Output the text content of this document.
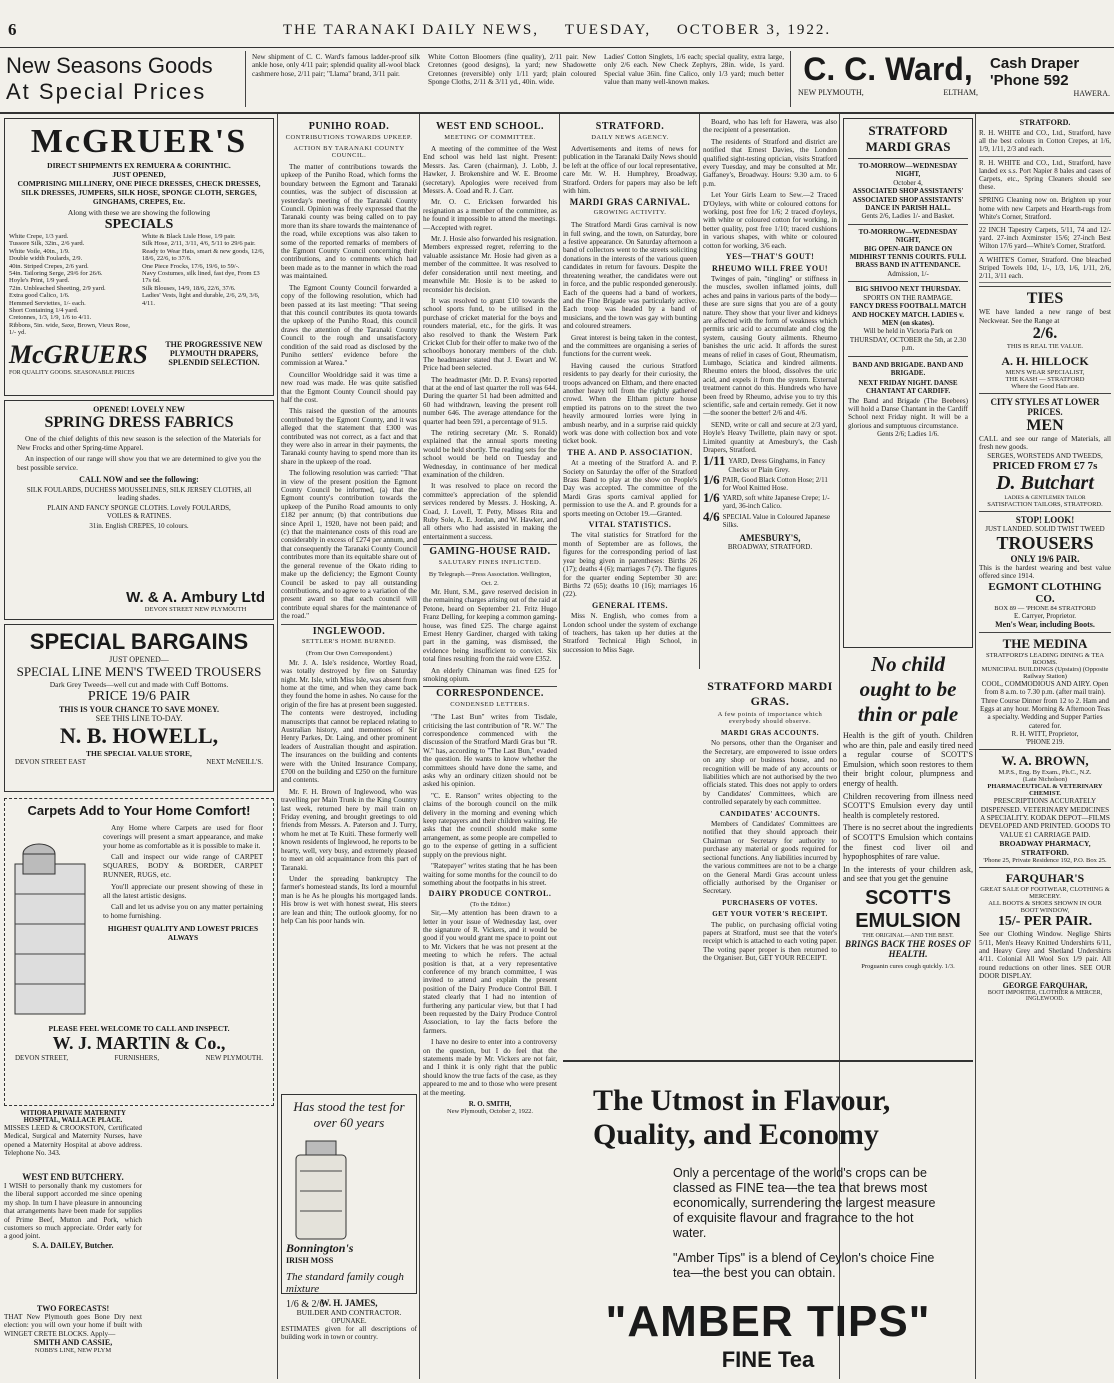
6	THE TARANAKI DAILY NEWS, TUESDAY, OCTOBER 3, 1922.
New Seasons Goods
At Special Prices
New shipment of C. C. Ward's famous ladder-proof silk ankle hose, only 4/11 pair; splendid quality all-wool black cashmere hose, 2/11 pair; "Llama" brand, 3/11 pair.
White Cotton Bloomers (fine quality), 2/11 pair. New Cretonnes (good designs), la yard; new Shadowette Cretonnes (reversible) only 1/11 yard; plain coloured Sponge Cloths, 2/11 & 3/11 yd., 40in. wide.
Ladies' Cotton Singlets, 1/6 each; special quality, extra large, only 2/6 each. New Check Zephyrs, 28in. wide, 1s yard. Special value 36in. fine Calico, only 1/3 yard; much better value than many well-known makes.	C. C. Ward,
NEW PLYMOUTH,	ELTHAM,
Cash Draper
'Phone 592
HAWERA.
McGRUER'S
DIRECT SHIPMENTS EX REMUERA & CORINTHIC.
JUST OPENED,
COMPRISING MILLINERY, ONE PIECE DRESSES, CHECK DRESSES, SILK DRESSES, JUMPERS, SILK HOSE, SPONGE CLOTH, SERGES, GINGHAMS, CREPES, Etc.
Along with these we are showing the following
SPECIALS
White Crepe, 1/3 yard.
Tussore Silk, 32in., 2/6 yard.
White Voile, 40in., 1/9.
Double width Foulards, 2/9.
40in. Striped Crepes, 2/6 yard.
54in. Tailoring Serge, 29/6 for 26/6.
Hoyle's Print, 1/9 yard.
72in. Unbleached Sheeting, 2/9 yard.
Extra good Calico, 1/6.
Hemmed Serviettes, 1/- each.
Short Containing 1/4 yard.
Cretonnes, 1/3, 1/9, 1/6 to 4/11.
Ribbons, 5in. wide, Saxe, Brown, Vieux Rose, 1/- yd.
White & Black Lisle Hose, 1/9 pair.
Silk Hose, 2/11, 3/11, 4/6, 5/11 to 29/6 pair.
Ready to Wear Hats, smart & new goods, 12/6, 18/6, 22/6, to 37/6.
One Piece Frocks, 17/6, 19/6, to 59/-.
Navy Costumes, silk lined, fast dye, From £3 17s 6d.
Silk Blouses, 14/9, 18/6, 22/6, 37/6.
Ladies' Vests, light and durable, 2/6, 2/9, 3/6, 4/11.
McGRUERS
FOR QUALITY GOODS. SEASONABLE PRICES
THE PROGRESSIVE NEW PLYMOUTH DRAPERS, SPLENDID SELECTION.
OPENED! LOVELY NEW
SPRING DRESS FABRICS

One of the chief delights of this new season is the selection of the Materials for New Frocks and other Spring-time Apparel.

An inspection of our range will show you that we are determined to give you the best possible service.

CALL NOW and see the following:
SILK FOULARDS, DUCHESS MOUSSELINES, SILK JERSEY CLOTHS, all leading shades.
PLAIN AND FANCY SPONGE CLOTHS. Lovely FOULARDS, VOILES & RATINES.
31in. English CREPES, 10 colours.
W. & A. Ambury Ltd
DEVON STREET NEW PLYMOUTH
SPECIAL BARGAINS
JUST OPENED—
SPECIAL LINE MEN'S TWEED TROUSERS
Dark Grey Tweeds—well cut and made with Cuff Bottoms.
PRICE 19/6 PAIR
THIS IS YOUR CHANCE TO SAVE MONEY.
SEE THIS LINE TO-DAY.
N. B. HOWELL,
THE SPECIAL VALUE STORE,
DEVON STREET EAST	NEXT McNEILL'S.
Carpets Add to Your Home Comfort!

Any Home where Carpets are used for floor coverings will present a smart appearance, and make your home as comfortable as it is possible to make it.

Call and inspect our wide range of CARPET SQUARES, BODY & BORDER, CARPET RUNNER, RUGS, etc.

You'll appreciate our present showing of these in all the latest artistic designs.

Call and let us advise you on any matter pertaining to home furnishing.

HIGHEST QUALITY AND LOWEST PRICES ALWAYS
PLEASE FEEL WELCOME TO CALL AND INSPECT.
W. J. MARTIN & Co.,
DEVON STREET,	FURNISHERS,	NEW PLYMOUTH.
WITIORA PRIVATE MATERNITY HOSPITAL, WALLACE PLACE.
MISSES LEED & CROOKSTON, Certificated Medical, Surgical and Maternity Nurses, have opened a Maternity Hospital at above address. Telephone No. 343.
WEST END BUTCHERY.
I WISH to personally thank my customers for the liberal support accorded me since opening my shop. In turn I have pleasure in announcing that arrangements have been made for supplies of Prime Beef, Mutton and Pork, which customers so much appreciate. Order early for a good joint.
S. A. DAILEY, Butcher.
TWO FORECASTS!
THAT New Plymouth goes Bone Dry next election: you will own your home if built with WINGET CRETE BLOCKS. Apply—
SMITH AND CASSIE,
NOBB'S LINE, NEW PLYM
PUNIHO ROAD.
CONTRIBUTIONS TOWARDS UPKEEP.
ACTION BY TARANAKI COUNTY COUNCIL.

The matter of contributions towards the upkeep of the Puniho Road, which forms the boundary between the Egmont and Taranaki counties, was the subject of discussion at yesterday's meeting of the Taranaki County Council. Opinion was freely expressed that the Taranaki county was being called on to pay more than its share towards the maintenance of the road, while exceptions was also taken to some of the reported remarks of members of the Egmont County Council concerning their contributions, and to comments which had been made as to the manner in which the road was maintained.

The Egmont County Council forwarded a copy of the following resolution, which had been passed at its last meeting: "That seeing that this council contributes its quota towards the upkeep of the Puniho Road, this council draws the attention of the Taranaki County Council to the rough and unsatisfactory condition of the said road as disclosed by the Puniho settlers' evidence before the commission at Warea."

Councillor Wooldridge said it was time a new road was made. He was quite satisfied that the Egmont County Council should pay half the cost.

This raised the question of the amounts contributed by the Egmont County, and it was alleged that the statement that £300 was contributed was not correct, as a fact and that they were also in arrear in their payments, the Taranaki county having to spend more than its share in the upkeep of the road.

The following resolution was carried: "That in view of the present position the Egmont County Council be informed, (a) that the Egmont county's contribution towards the upkeep of the Puniho Road amounts to only £182 per annum; (b) that contributions due since April 1, 1920, have not been paid; and (c) that the maintenance costs of this road are considerably in excess of £274 per annum, and that consequently the Taranaki County Council contributes more than its equitable share out of the general revenue of the Okato riding to make up the deficiency; the Egmont County Council be asked to pay all outstanding contributions, and to agree to a variation of the present award so that each council will contribute equal shares for the maintenance of the road."

INGLEWOOD.
SETTLER'S HOME BURNED.
(From Our Own Correspondent.)

Mr. J. A. Isle's residence, Wortley Road, was totally destroyed by fire on Saturday night. Mr. Isle, with Miss Isle, was absent from home at the time, and when they came back they found the home in ashes. No cause for the origin of the fire has at present been suggested. The contents were destroyed, including manuscripts that cannot be replaced relating to Australian history, and mementoes of Sir Henry Parkes, Dr. Laing, and other prominent leaders of Australian thought and aspiration. The insurances on the building and contents were with the United Insurance Company, £700 on the building and £250 on the furniture and contents.

Mr. F. H. Brown of Inglewood, who was travelling per Main Trunk in the King Country last week, returned here by mail train on Friday evening, and brought greetings to old friends from Messrs. A. Paterson and J. Turry, whom he met at Te Kuiti. These formerly well known residents of Inglewood, he reports to be hearty, well, very busy, and extremely pleased to meet an old acquaintance from this part of Taranaki.

Under the spreading bankruptcy The farmer's homestead stands, Its lord a mournful man is he As he ploughs his mortgaged lands. His brow is wet with honest sweat, His steers are lean and thin; The outlook gloomy, for no help Can his poor hands win.

Has stood the test for over 60 years
Bonnington's
IRISH MOSS
The standard family cough mixture
1/6 & 2/6
W. H. JAMES,
BUILDER AND CONTRACTOR.
OPUNAKE.
ESTIMATES given for all descriptions of building work in town or country.
WEST END SCHOOL.
MEETING OF COMMITTEE.

A meeting of the committee of the West End school was held last night. Present: Messrs. Jas. Caren (chairman), J. Lobb, J. Hawker, J. Brokenshire and W. E. Broome (secretary). Apologies were received from Messrs. A. Coad and R. J. Carr.

Mr. O. C. Ericksen forwarded his resignation as a member of the committee, as he found it impossible to attend the meetings.—Accepted with regret.

Mr. J. Hosie also forwarded his resignation. Members expressed regret, referring to the valuable assistance Mr. Hosie had given as a member of the committee. It was resolved to defer consideration until next meeting, and meanwhile Mr. Hosie is to be asked to reconsider his decision.

It was resolved to grant £10 towards the school sports fund, to be utilised in the purchase of cricket material for the boys and rounders material, etc., for the girls. It was also resolved to thank the Western Park Cricket Club for their offer to make two of the schoolboys honorary members of the club. The headmaster stated that J. Ewart and W. Price had been selected.

The headmaster (Mr. D. P. Evans) reported that at the end of last quarter the roll was 644. During the quarter 51 had been admitted and 60 had withdrawn, leaving the present roll number 646. The average attendance for the quarter had been 591, a percentage of 91.5.

The retiring secretary (Mr. S. Ronald) explained that the annual sports meeting would be held shortly. The reading sets for the school would be held on Tuesday and Wednesday, in continuance of her medical examination of the children.

It was resolved to place on record the committee's appreciation of the splendid services rendered by Messrs. J. Hosking, A. Coad, J. Lovell, T. Petty, Misses Rita and Ruby Sole, A. E. Jordan, and W. Hawker, and all others who had assisted in making the entertainment a success.

GAMING-HOUSE RAID.
SALUTARY FINES INFLICTED.
By Telegraph.—Press Association. Wellington, Oct. 2.

Mr. Hunt, S.M., gave reserved decision in the remaining charges arising out of the raid at Petone, heard on September 21. Fritz Hugo Franz Delling, for keeping a common gaming-house, was fined £25. The charge against Ernest Henry Gardiner, charged with taking part in the gaming, was dismissed, the evidence being insufficient to convict. Six total fines resulting from the raid were £352.

An elderly Chinaman was fined £25 for smoking opium.

CORRESPONDENCE.
CONDENSED LETTERS.

"The Last Bun" writes from Tisdale, criticising the last contribution of "R. W." The correspondence commenced with the discussion of the Stratford Mardi Gras but "R. W." has, according to "The Last Bun," evaded the question. He wants to know whether the committees should have done the same, and asks why an ordinary citizen should not be asked his opinion.

"C. E. Ranson" writes objecting to the claims of the borough council on the milk delivery in the morning and evening which keep ratepayers and their children waiting. He asks that the council should make some arrangement, as some people are compelled to go to the expense of getting in a sufficient supply on the previous night.

"Ratepayer" writes stating that he has been waiting for some months for the council to do something about the footpaths in his street.

DAIRY PRODUCE CONTROL.
(To the Editor.)

Sir,—My attention has been drawn to a letter in your issue of Wednesday last, over the signature of R. Vickers, and it would be good if you would grant me space to point out to Mr. Vickers that he was not present at the meeting to which he refers. The actual position is that, at a very representative conference of my branch committee, I was invited to attend and explain the present position of the Dairy Produce Control Bill. I stated clearly that I had no intention of furthering any particular view, but that I had been requested by the Dairy Produce Control Association, to lay the facts before the farmers.

I have no desire to enter into a controversy on the question, but I do feel that the statements made by Mr. Vickers are not fair, and I think it is only right that the public should know the true facts of the case, as they appeared to me and to those who were present at the meeting.

R. O. SMITH,
New Plymouth, October 2, 1922.
STRATFORD.
DAILY NEWS AGENCY.

Advertisements and items of news for publication in the Taranaki Daily News should be left at the office of our local representative, care Mr. W. H. Humphrey, Broadway, Stratford. Orders for papers may also be left with him.

MARDI GRAS CARNIVAL.
GROWING ACTIVITY.

The Stratford Mardi Gras carnival is now in full swing, and the town, on Saturday, bore a festive appearance. On Saturday afternoon a band of collectors went to the streets soliciting donations in the interests of the various queen candidates in return for favours. Despite the threatening weather, the candidates were out in force, and the public responded generously. Each of the queens had a band of workers, and the Fine Brigade was particularly active. Each troop was headed by a band of musicians, and the town was gay with bunting and coloured streamers.

Great interest is being taken in the contest, and the committees are organising a series of functions for the current week.

Having caused the curious Stratford residents to pay dearly for their curiosity, the troops advanced on Eltham, and there enacted another heavy toll from the rightly gathered crowd. When the Eltham picture house emptied its patrons on to the street the two heavily armoured lorries were lying in ambush nearby, and in a surprise raid quickly work was done with collection box and vote ticket book.

THE A. AND P. ASSOCIATION.

At a meeting of the Stratford A. and P. Society on Saturday the offer of the Stratford Brass Band to play at the show on People's Day was accepted. The committee of the Mardi Gras sports carnival applied for permission to use the A. and P. grounds for a sports meeting on October 19.—Granted.

VITAL STATISTICS.

The vital statistics for Stratford for the month of September are as follows, the figures for the corresponding period of last year being given in parentheses: Births 26 (17); deaths 4 (6); marriages 7 (7). The figures for the quarter ending September 30 are: Births 72 (65); deaths 10 (16); marriages 16 (22).

GENERAL ITEMS.

Miss N. English, who comes from a London school under the system of exchange of teachers, has taken up her duties at the Stratford Technical High School, in succession to Miss Sage.

Board, who has left for Hawera, was also the recipient of a presentation.

The residents of Stratford and district are notified that Ernest Davies, the London qualified sight-testing optician, visits Stratford every Tuesday, and may be consulted at Mr. Gaffaney's, Broadway. Hours: 9.30 a.m. to 6 p.m.

Let Your Girls Learn to Sew.—2 Traced D'Oyleys, with white or coloured cottons for working, post free for 1/6; 2 traced d'oyleys, with white or coloured cotton for working, in better quality, post free 1/10; traced cushions in various shapes, with white or coloured cotton for working, 3/6 each.

YES—THAT'S GOUT!
RHEUMO WILL FREE YOU!

Twinges of pain, "tingling" or stiffness in the muscles, swollen inflamed joints, dull aches and pains in various parts of the body—these are sure signs that you are of a gouty nature. They show that your liver and kidneys are affected with the form of weakness which permits uric acid to accumulate and clog the system, causing Gouty ailments. Rheumo banishes the uric acid. It affords the surest means of relief in cases of Gout, Rheumatism, Lumbago, Sciatica and kindred ailments. Rheumo enters the blood, dissolves the uric acid, and expels it from the system. External treatment cannot do this. Hundreds who have been freed by Rheumo, advise you to try this scientific, safe and certain remedy. Get it now—the sooner the better! 2/6 and 4/6.

SEND, write or call and secure at 2/3 yard, Hoyle's Heavy Twillette, plain navy or spot. Limited quantity at Amesbury's, the Cash Drapers, Stratford.

1/11 YARD, Dress Ginghams, in Fancy Checks or Plain Grey.
1/6 PAIR, Good Black Cotton Hose; 2/11 for Wool Knitted Hose.
1/6 YARD, soft white Japanese Crepe; 1/- yard, 36-inch Calico.
4/6 SPECIAL Value in Coloured Japanese Silks.
AMESBURY'S,
BROADWAY, STRATFORD.
STRATFORD MARDI GRAS.
A few points of importance which everybody should observe.
MARDI GRAS ACCOUNTS.

No persons, other than the Organiser and the Secretary, are empowered to issue orders on any shop or business house, and no recognition will be made of any accounts or liabilities which are not authorised by the two officials stated. This does not apply to orders by Candidates' Committees, which are controlled separately by each committee.

CANDIDATES' ACCOUNTS.

Members of Candidates' Committees are notified that they should approach their Chairman or Secretary for authority to purchase any material or goods required for sectional functions. Any liabilities incurred by the various committees are not to be a charge on the General Mardi Gras account unless officially authorised by the Organiser or Secretary.

PURCHASERS OF VOTES.
GET YOUR VOTER'S RECEIPT.

The public, on purchasing official voting papers at Stratford, must see that the voter's receipt which is attached to each voting paper. The voting paper proper is then returned to the Organiser. But, GET YOUR RECEIPT.

STRATFORD
MARDI GRAS
TO-MORROW—WEDNESDAY NIGHT,
October 4,
ASSOCIATED SHOP ASSISTANTS' ASSOCIATED SHOP ASSISTANTS' DANCE IN PARISH HALL.
Gents 2/6, Ladies 1/- and Basket.
TO-MORROW—WEDNESDAY NIGHT,
BIG OPEN-AIR DANCE ON MIDHIRST TENNIS COURTS. FULL BRASS BAND IN ATTENDANCE.
Admission, 1/-
BIG SHIVOO NEXT THURSDAY.
SPORTS ON THE RAMPAGE.
FANCY DRESS FOOTBALL MATCH AND HOCKEY MATCH. LADIES v. MEN (on skates).
Will be held in Victoria Park on THURSDAY, OCTOBER the 5th, at 2.30 p.m.
BAND AND BRIGADE. BAND AND BRIGADE.
NEXT FRIDAY NIGHT. DANSE CHANTANT AT CARDIFF.
The Band and Brigade (The Beebees) will hold a Danse Chantant in the Cardiff School next Friday night. It will be a glorious and sumptuous circumstance.
Gents 2/6; Ladies 1/6.
No child
ought to be
thin or pale

Health is the gift of youth. Children who are thin, pale and easily tired need a regular course of SCOTT'S Emulsion, which soon restores to them their bright colour, plumpness and energy of health.

Children recovering from illness need SCOTT'S Emulsion every day until health is completely restored.

There is no secret about the ingredients of SCOTT'S Emulsion which contains the finest cod liver oil and hypophosphites of rare value.

In the interests of your children ask, and see that you get the genuine

SCOTT'S
EMULSION
THE ORIGINAL—AND THE BEST.
BRINGS BACK THE ROSES OF HEALTH.
Proguanin cures cough quickly. 1/3.
The Utmost in Flavour,
Quality, and Economy
Only a percentage of the world's crops can be classed as FINE tea—the tea that brews most economically, surrendering the largest measure of exquisite flavour and fragrance to the hot water.
"Amber Tips" is a blend of Ceylon's choice Fine tea—the best you can obtain.
"AMBER TIPS"
FINE Tea
STRATFORD.
R. H. WHITE and CO., Ltd., Stratford, have all the best colours in Cotton Crepes, at 1/6, 1/9, 1/11, 2/3 and each.
R. H. WHITE and CO., Ltd., Stratford, have landed ex s.s. Port Napier 8 bales and cases of Carpets, etc., Spring Cleaners should see these.
SPRING Cleaning now on. Brighten up your home with new Carpets and Hearth-rugs from White's Corner, Stratford.
22 INCH Tapestry Carpets, 5/11, 74 and 12/- yard. 27-inch Axminster 15/6; 27-inch Best Wilton 17/6 yard—White's Corner, Stratford.
A WHITE'S Corner, Stratford. One bleached Striped Towels 10d, 1/-, 1/3, 1/6, 1/11, 2/6, 2/11, 3/11 each.
TIES
WE have landed a new range of best Neckwear. See the Range at
2/6.
THIS IS REAL TIE VALUE.
A. H. HILLOCK
MEN'S WEAR SPECIALIST,
THE KASH — STRATFORD
Where the Good Hats are.
CITY STYLES AT LOWER PRICES.
MEN
CALL and see our range of Materials, all fresh new goods.
SERGES, WORSTEDS AND TWEEDS,
PRICED FROM £7 7s
D. Butchart
LADIES & GENTLEMEN TAILOR
SATISFACTION TAILORS, STRATFORD.
STOP! LOOK!
JUST LANDED. SOLID TWIST TWEED
TROUSERS
ONLY 19/6 PAIR.
This is the hardest wearing and best value offered since 1914.
EGMONT CLOTHING CO.
BOX 89 — 'PHONE 84 STRATFORD
E. Carryer, Proprietor.
Men's Wear, including Boots.
THE MEDINA
STRATFORD'S LEADING DINING & TEA ROOMS.
MUNICIPAL BUILDINGS (Upstairs) (Opposite Railway Station)
COOL, COMMODIOUS AND AIRY. Open from 8 a.m. to 7.30 p.m. (after mail train). Three Course Dinner from 12 to 2. Ham and Eggs at any hour. Morning & Afternoon Teas a specialty. Wedding and Supper Parties catered for.
R. H. WITT, Proprietor,
'PHONE 219.
W. A. BROWN,
M.P.S., Eng. By Exam., Ph.C., N.Z.
(Late Nicholson)
PHARMACEUTICAL & VETERINARY CHEMIST.
PRESCRIPTIONS ACCURATELY DISPENSED. VETERINARY MEDICINES A SPECIALITY. KODAK DEPOT—FILMS DEVELOPED AND PRINTED. GOODS TO VALUE £1 CARRIAGE PAID.
BROADWAY PHARMACY, STRATFORD.
'Phone 25, Private Residence 192, P.O. Box 25.
FARQUHAR'S
GREAT SALE OF FOOTWEAR, CLOTHING & MERCERY.
ALL BOOTS & SHOES SHOWN IN OUR BOOT WINDOW,
15/- PER PAIR.
See our Clothing Window. Neglige Shirts 5/11, Men's Heavy Knitted Undershirts 6/11, and Heavy Grey and Shetland Undershirts 4/11. Colonial All Wool Sox 1/9 pair. All round reductions on other lines. SEE OUR DOOR DISPLAY.
GEORGE FARQUHAR,
BOOT IMPORTER, CLOTHIER & MERCER, INGLEWOOD.
